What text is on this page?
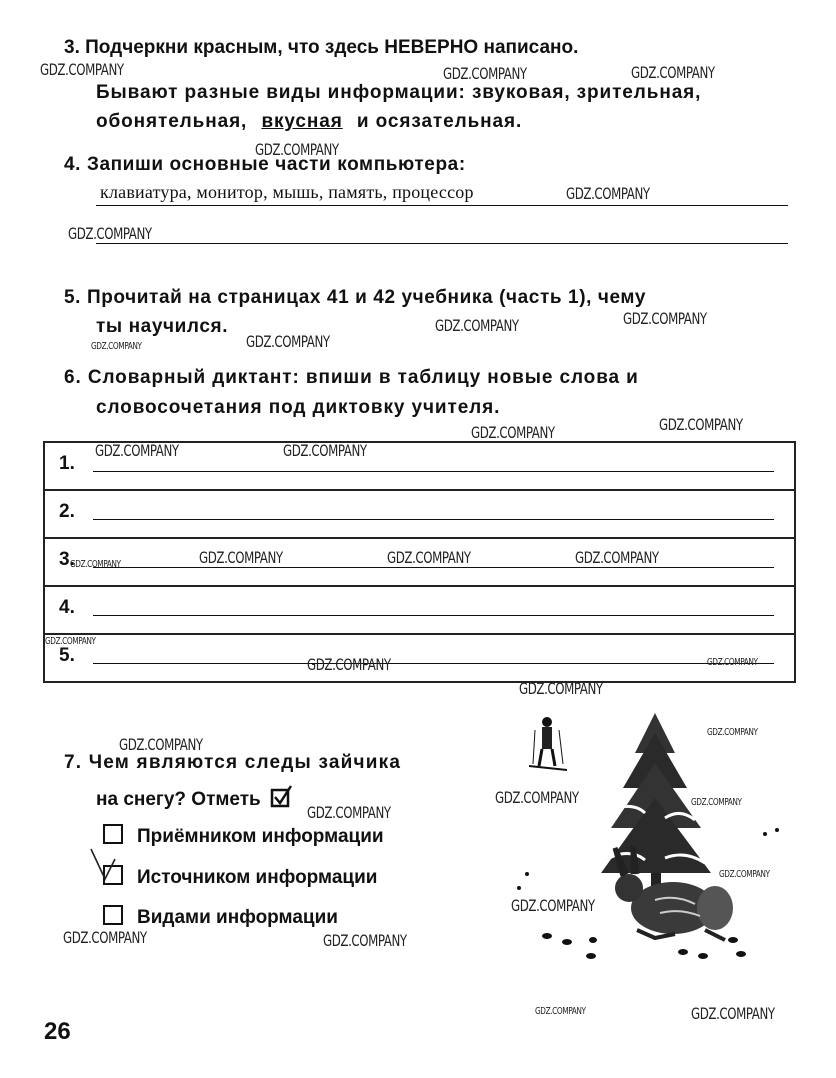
3. Подчеркни красным, что здесь НЕВЕРНО написано.
Бывают разные виды информации: звуковая, зрительная,
обонятельная, вкусная и осязательная.
4. Запиши основные части компьютера:
клавиатура, монитор, мышь, память, процессор
5. Прочитай на страницах 41 и 42 учебника (часть 1), чему
ты научился.
6. Словарный диктант: впиши в таблицу новые слова и
словосочетания под диктовку учителя.
1.

2.

3.

4.

5.
7. Чем являются следы зайчика
на снегу? Отметь
Приёмником информации
Источником информации
Видами информации
26
GDZ.COMPANY	GDZ.COMPANY	GDZ.COMPANY
GDZ.COMPANY
GDZ.COMPANY
GDZ.COMPANY
GDZ.COMPANY	GDZ.COMPANY
GDZ.COMPANY
GDZ.COMPANY
GDZ.COMPANY	GDZ.COMPANY
GDZ.COMPANY	GDZ.COMPANY
GDZ.COMPANY	GDZ.COMPANY	GDZ.COMPANY
GDZ.COMPANY
GDZ.COMPANY
GDZ.COMPANY	GDZ.COMPANY
GDZ.COMPANY
GDZ.COMPANY
GDZ.COMPANY
GDZ.COMPANY	GDZ.COMPANY
GDZ.COMPANY
GDZ.COMPANY
GDZ.COMPANY
GDZ.COMPANY	GDZ.COMPANY
GDZ.COMPANY	GDZ.COMPANY
